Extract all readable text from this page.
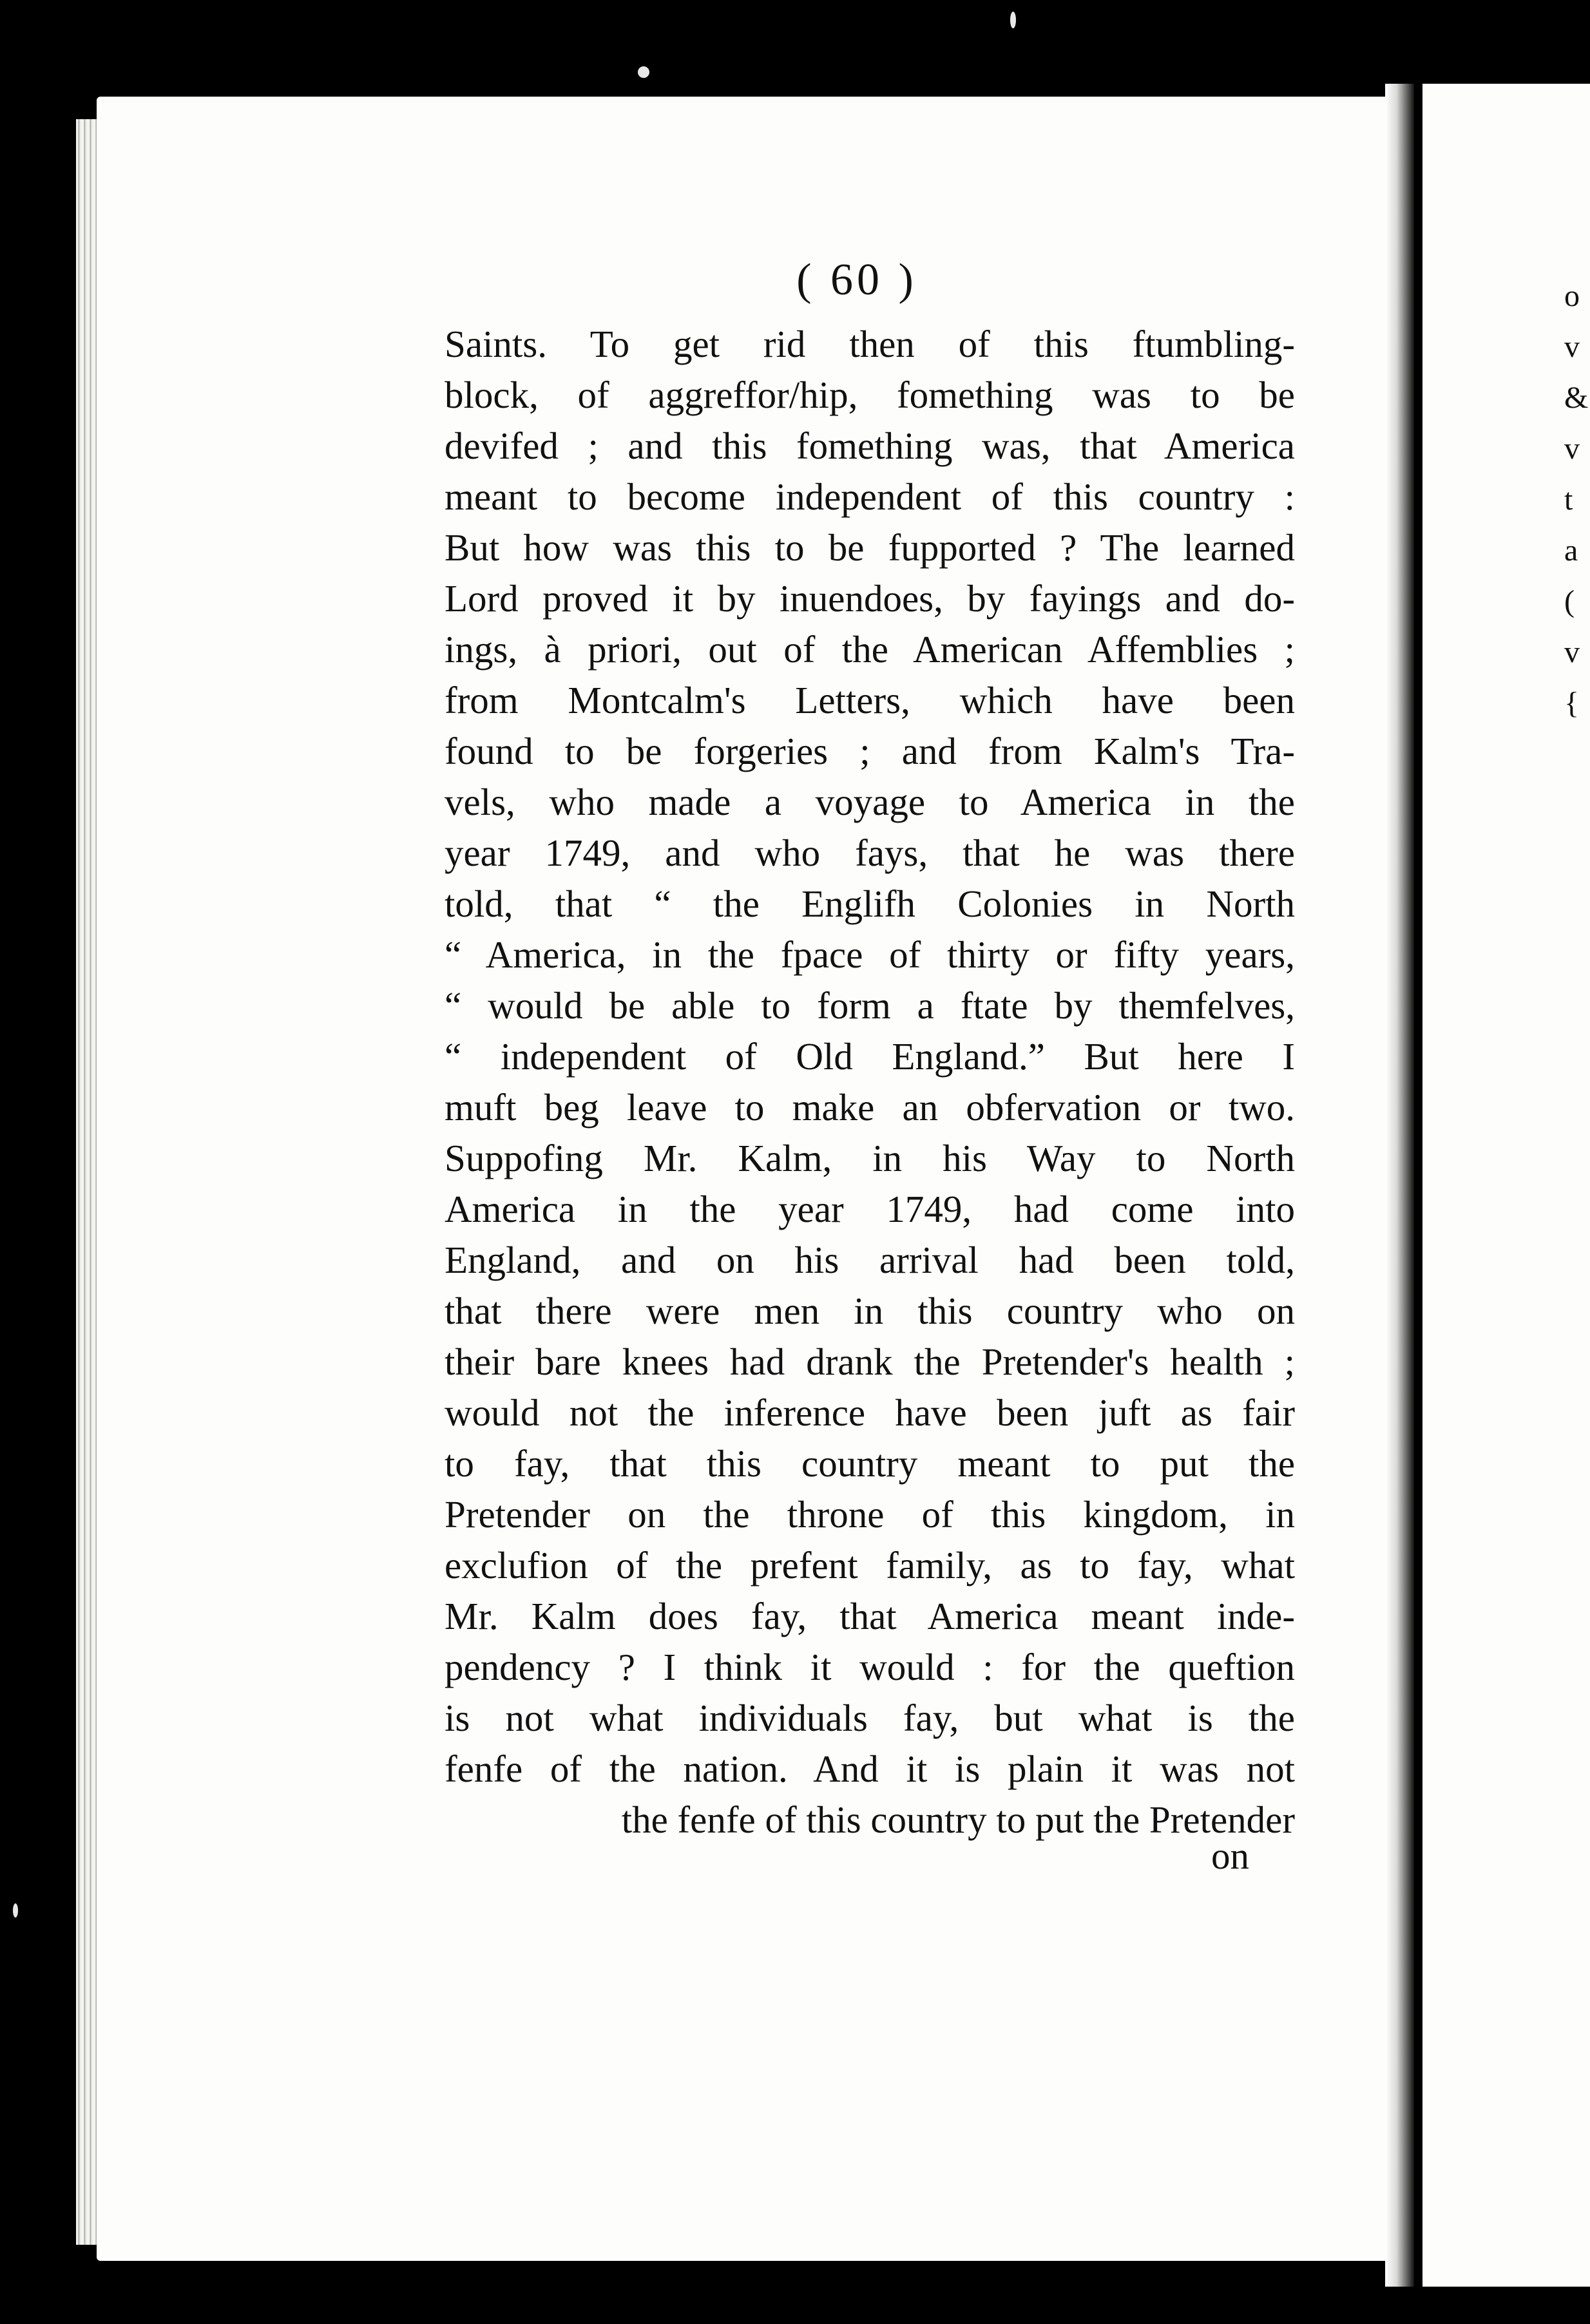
o
v
&
v
t
a
(
v
{
( 60 )
Saints. To get rid then of this ftumbling-
block, of aggreffor/hip, fomething was to be
devifed ; and this fomething was, that America
meant to become independent of this country :
But how was this to be fupported ? The learned
Lord proved it by inuendoes, by fayings and do-
ings, à priori, out of the American Affemblies ;
from Montcalm's Letters, which have been
found to be forgeries ; and from Kalm's Tra-
vels, who made a voyage to America in the
year 1749, and who fays, that he was there
told, that “ the Englifh Colonies in North
“ America, in the fpace of thirty or fifty years,
“ would be able to form a ftate by themfelves,
“ independent of Old England.” But here I
muft beg leave to make an obfervation or two.
Suppofing Mr. Kalm, in his Way to North
America in the year 1749, had come into
England, and on his arrival had been told,
that there were men in this country who on
their bare knees had drank the Pretender's health ;
would not the inference have been juft as fair
to fay, that this country meant to put the
Pretender on the throne of this kingdom, in
exclufion of the prefent family, as to fay, what
Mr. Kalm does fay, that America meant inde-
pendency ? I think it would : for the queftion
is not what individuals fay, but what is the
fenfe of the nation. And it is plain it was not
the fenfe of this country to put the Pretender
on
